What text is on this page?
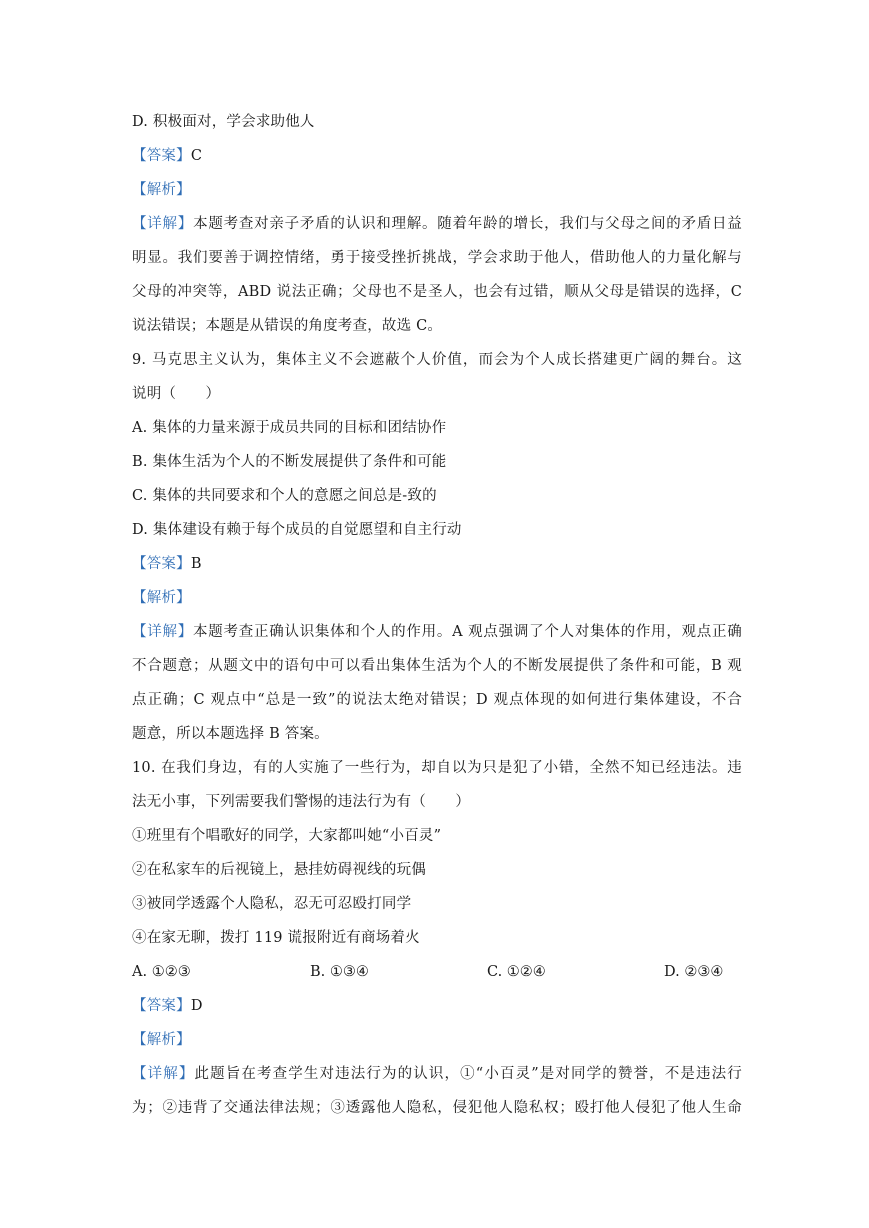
D. 积极面对，学会求助他人
【答案】C
【解析】
【详解】本题考查对亲子矛盾的认识和理解。随着年龄的增长，我们与父母之间的矛盾日益
明显。我们要善于调控情绪，勇于接受挫折挑战，学会求助于他人，借助他人的力量化解与
父母的冲突等，ABD 说法正确；父母也不是圣人，也会有过错，顺从父母是错误的选择，C
说法错误；本题是从错误的角度考查，故选 C。
9. 马克思主义认为，集体主义不会遮蔽个人价值，而会为个人成长搭建更广阔的舞台。这
说明（　　）
A. 集体的力量来源于成员共同的目标和团结协作
B. 集体生活为个人的不断发展提供了条件和可能
C. 集体的共同要求和个人的意愿之间总是-致的
D. 集体建设有赖于每个成员的自觉愿望和自主行动
【答案】B
【解析】
【详解】本题考查正确认识集体和个人的作用。A 观点强调了个人对集体的作用，观点正确
不合题意；从题文中的语句中可以看出集体生活为个人的不断发展提供了条件和可能，B 观
点正确；C 观点中“总是一致”的说法太绝对错误；D 观点体现的如何进行集体建设，不合
题意，所以本题选择 B 答案。
10. 在我们身边，有的人实施了一些行为，却自以为只是犯了小错，全然不知已经违法。违
法无小事，下列需要我们警惕的违法行为有（　　）
①班里有个唱歌好的同学，大家都叫她“小百灵”
②在私家车的后视镜上，悬挂妨碍视线的玩偶
③被同学透露个人隐私，忍无可忍殴打同学
④在家无聊，拨打 119 谎报附近有商场着火
A. ①②③	B. ①③④	C. ①②④	D. ②③④
【答案】D
【解析】
【详解】此题旨在考查学生对违法行为的认识，①“小百灵”是对同学的赞誉，不是违法行
为；②违背了交通法律法规；③透露他人隐私，侵犯他人隐私权；殴打他人侵犯了他人生命
